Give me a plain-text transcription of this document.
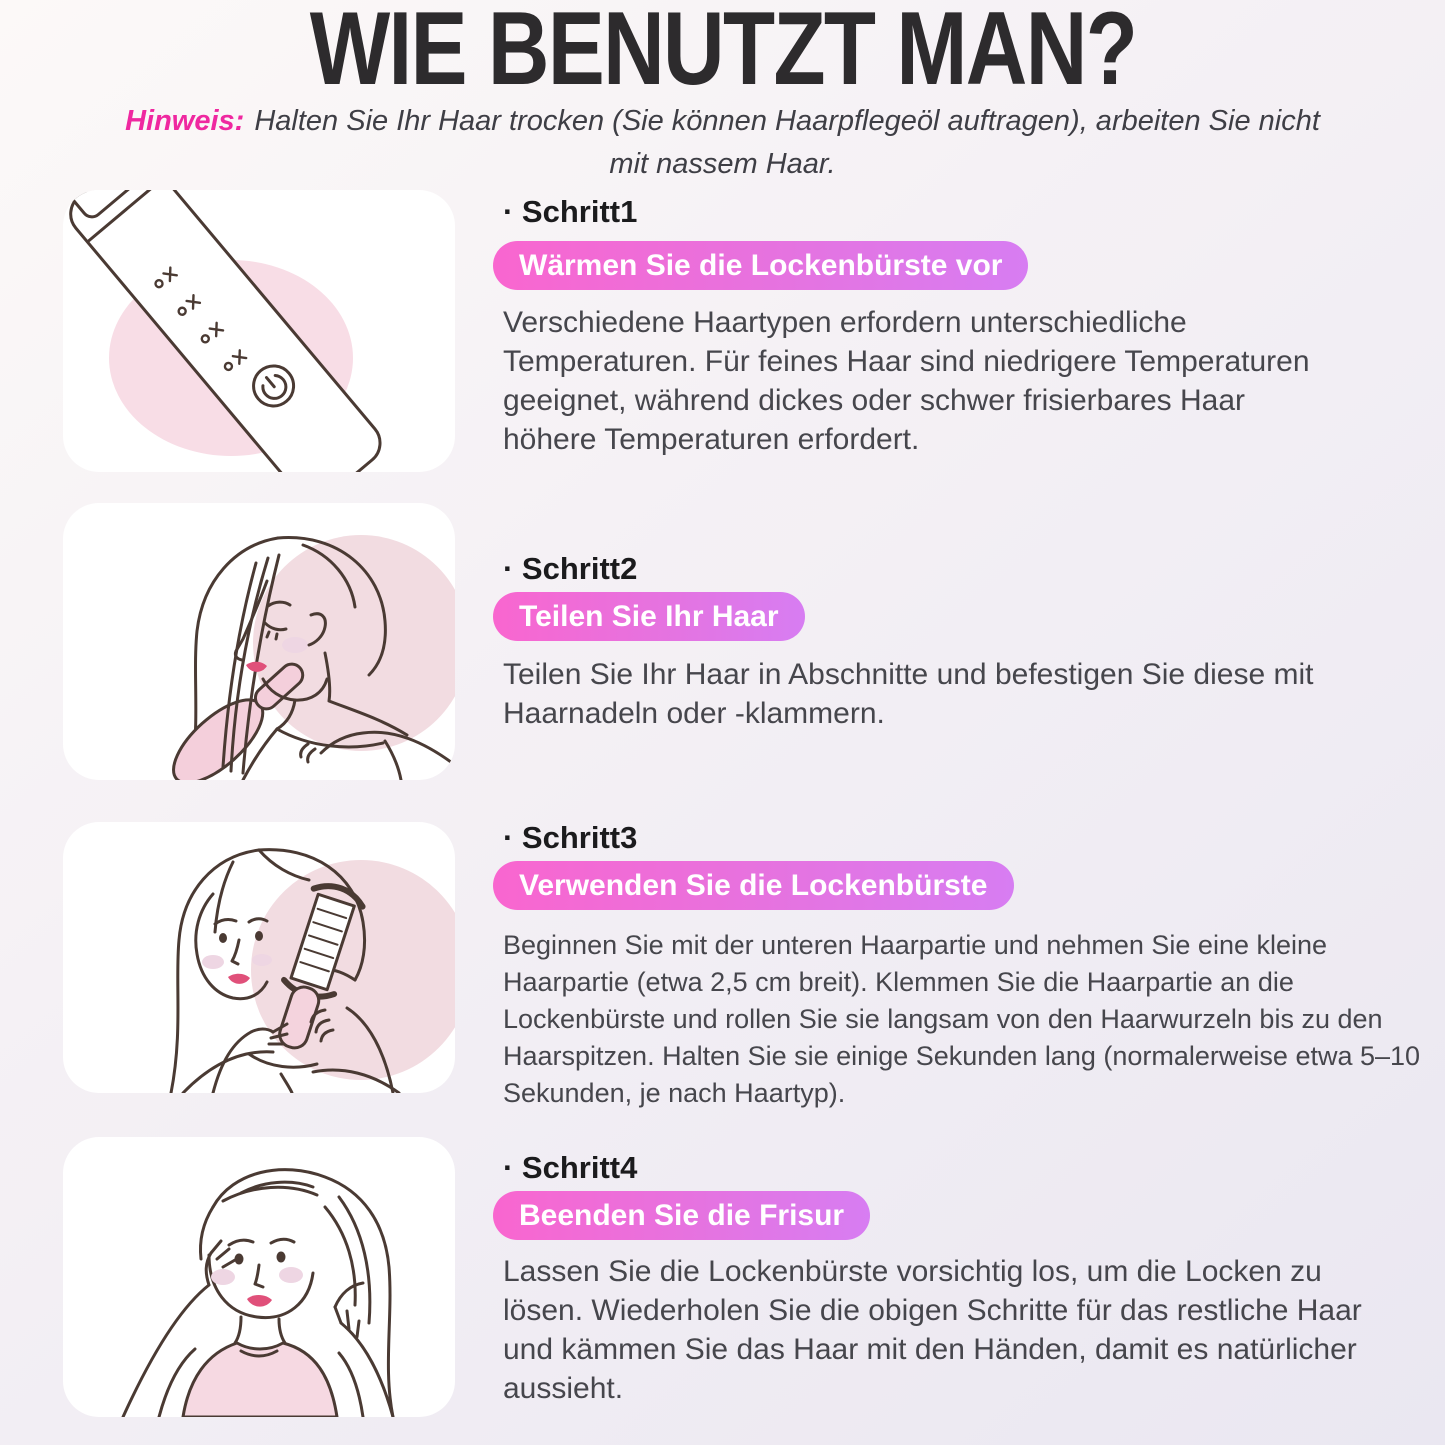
WIE BENUTZT MAN?

Hinweis: Halten Sie Ihr Haar trocken (Sie können Haarpflegeöl auftragen), arbeiten Sie nicht mit nassem Haar.

· Schritt1
Wärmen Sie die Lockenbürste vor

Verschiedene Haartypen erfordern unterschiedliche Temperaturen. Für feines Haar sind niedrigere Temperaturen geeignet, während dickes oder schwer frisierbares Haar höhere Temperaturen erfordert.

· Schritt2
Teilen Sie Ihr Haar

Teilen Sie Ihr Haar in Abschnitte und befestigen Sie diese mit Haarnadeln oder -klammern.

· Schritt3
Verwenden Sie die Lockenbürste

Beginnen Sie mit der unteren Haarpartie und nehmen Sie eine kleine Haarpartie (etwa 2,5 cm breit). Klemmen Sie die Haarpartie an die Lockenbürste und rollen Sie sie langsam von den Haarwurzeln bis zu den Haarspitzen. Halten Sie sie einige Sekunden lang (normalerweise etwa 5–10 Sekunden, je nach Haartyp).

· Schritt4
Beenden Sie die Frisur

Lassen Sie die Lockenbürste vorsichtig los, um die Locken zu lösen. Wiederholen Sie die obigen Schritte für das restliche Haar und kämmen Sie das Haar mit den Händen, damit es natürlicher aussieht.
